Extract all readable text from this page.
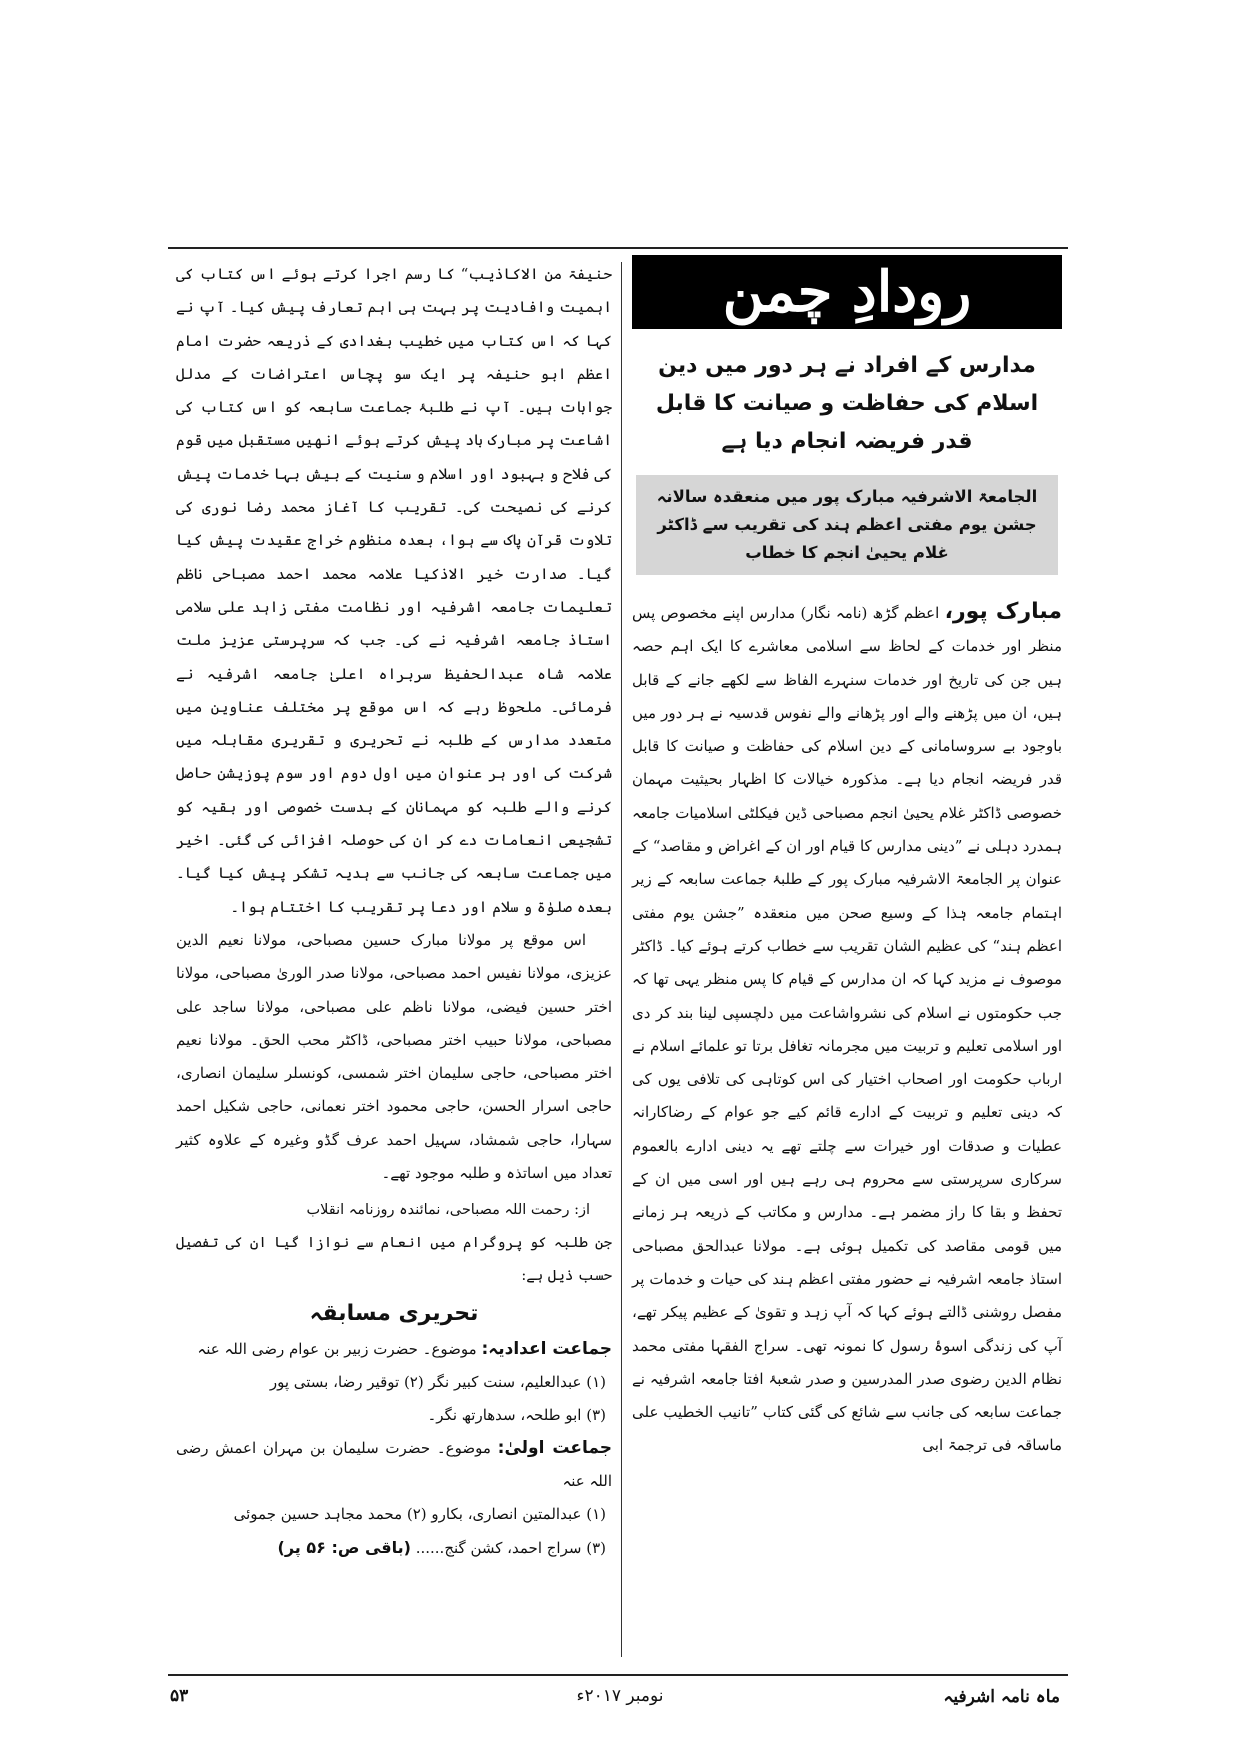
رودادِ چمن
مدارس کے افراد نے ہر دور میں دین اسلام کی حفاظت و صیانت کا قابل قدر فریضہ انجام دیا ہے
الجامعۃ الاشرفیہ مبارک پور میں منعقدہ سالانہ جشن یوم مفتی اعظم ہند کی تقریب سے ڈاکٹر غلام یحییٰ انجم کا خطاب

مبارک پور، اعظم گڑھ (نامہ نگار) مدارس اپنے مخصوص پس منظر اور خدمات کے لحاظ سے اسلامی معاشرے کا ایک اہم حصہ ہیں جن کی تاریخ اور خدمات سنہرے الفاظ سے لکھے جانے کے قابل ہیں، ان میں پڑھنے والے اور پڑھانے والے نفوس قدسیہ نے ہر دور میں باوجود بے سروسامانی کے دین اسلام کی حفاظت و صیانت کا قابل قدر فریضہ انجام دیا ہے۔ مذکورہ خیالات کا اظہار بحیثیت مہمان خصوصی ڈاکٹر غلام یحییٰ انجم مصباحی ڈین فیکلٹی اسلامیات جامعہ ہمدرد دہلی نے ”دینی مدارس کا قیام اور ان کے اغراض و مقاصد“ کے عنوان پر الجامعۃ الاشرفیہ مبارک پور کے طلبۂ جماعت سابعہ کے زیر اہتمام جامعہ ہٰذا کے وسیع صحن میں منعقدہ ”جشن یوم مفتی اعظم ہند“ کی عظیم الشان تقریب سے خطاب کرتے ہوئے کیا۔ ڈاکٹر موصوف نے مزید کہا کہ ان مدارس کے قیام کا پس منظر یہی تھا کہ جب حکومتوں نے اسلام کی نشرواشاعت میں دلچسپی لینا بند کر دی اور اسلامی تعلیم و تربیت میں مجرمانہ تغافل برتا تو علمائے اسلام نے ارباب حکومت اور اصحاب اختیار کی اس کوتاہی کی تلافی یوں کی کہ دینی تعلیم و تربیت کے ادارے قائم کیے جو عوام کے رضاکارانہ عطیات و صدقات اور خیرات سے چلتے تھے یہ دینی ادارے بالعموم سرکاری سرپرستی سے محروم ہی رہے ہیں اور اسی میں ان کے تحفظ و بقا کا راز مضمر ہے۔ مدارس و مکاتب کے ذریعہ ہر زمانے میں قومی مقاصد کی تکمیل ہوئی ہے۔ مولانا عبدالحق مصباحی استاذ جامعہ اشرفیہ نے حضور مفتی اعظم ہند کی حیات و خدمات پر مفصل روشنی ڈالتے ہوئے کہا کہ آپ زہد و تقویٰ کے عظیم پیکر تھے، آپ کی زندگی اسوۂ رسول کا نمونہ تھی۔ سراج الفقہا مفتی محمد نظام الدین رضوی صدر المدرسین و صدر شعبۂ افتا جامعہ اشرفیہ نے جماعت سابعہ کی جانب سے شائع کی گئی کتاب ”تانیب الخطیب علی ماساقہ فی ترجمۃ ابی

حنیفۃ من الاکاذیب“ کا رسم اجرا کرتے ہوئے اس کتاب کی اہمیت وافادیت پر بہت ہی اہم تعارف پیش کیا۔ آپ نے کہا کہ اس کتاب میں خطیب بغدادی کے ذریعہ حضرت امام اعظم ابو حنیفہ پر ایک سو پچاس اعتراضات کے مدلل جوابات ہیں۔ آپ نے طلبۂ جماعت سابعہ کو اس کتاب کی اشاعت پر مبارک باد پیش کرتے ہوئے انھیں مستقبل میں قوم کی فلاح و بہبود اور اسلام و سنیت کے بیش بہا خدمات پیش کرنے کی نصیحت کی۔ تقریب کا آغاز محمد رضا نوری کی تلاوت قرآن پاک سے ہوا، بعدہ منظوم خراج عقیدت پیش کیا گیا۔ صدارت خیر الاذکیا علامہ محمد احمد مصباحی ناظم تعلیمات جامعہ اشرفیہ اور نظامت مفتی زاہد علی سلامی استاذ جامعہ اشرفیہ نے کی۔ جب کہ سرپرستی عزیز ملت علامہ شاہ عبدالحفیظ سربراہ اعلیٰ جامعہ اشرفیہ نے فرمائی۔ ملحوظ رہے کہ اس موقع پر مختلف عناوین میں متعدد مدارس کے طلبہ نے تحریری و تقریری مقابلہ میں شرکت کی اور ہر عنوان میں اول دوم اور سوم پوزیشن حاصل کرنے والے طلبہ کو مہمانان کے بدست خصوصی اور بقیہ کو تشجیعی انعامات دے کر ان کی حوصلہ افزائی کی گئی۔ اخیر میں جماعت سابعہ کی جانب سے ہدیہ تشکر پیش کیا گیا۔ بعدہ صلوٰۃ و سلام اور دعا پر تقریب کا اختتام ہوا۔

اس موقع پر مولانا مبارک حسین مصباحی، مولانا نعیم الدین عزیزی، مولانا نفیس احمد مصباحی، مولانا صدر الوریٰ مصباحی، مولانا اختر حسین فیضی، مولانا ناظم علی مصباحی، مولانا ساجد علی مصباحی، مولانا حبیب اختر مصباحی، ڈاکٹر محب الحق۔ مولانا نعیم اختر مصباحی، حاجی سلیمان اختر شمسی، کونسلر سلیمان انصاری، حاجی اسرار الحسن، حاجی محمود اختر نعمانی، حاجی شکیل احمد سہارا، حاجی شمشاد، سہیل احمد عرف گڈو وغیرہ کے علاوہ کثیر تعداد میں اساتذہ و طلبہ موجود تھے۔

از: رحمت اللہ مصباحی، نمائندہ روزنامہ انقلاب

جن طلبہ کو پروگرام میں انعام سے نوازا گیا ان کی تفصیل حسب ذیل ہے:

تحریری مسابقہ

جماعت اعدادیہ: موضوع۔ حضرت زبیر بن عوام رضی اللہ عنہ

(۱) عبدالعلیم، سنت کبیر نگر (۲) توقیر رضا، بستی پور

(۳) ابو طلحہ، سدھارتھ نگر۔

جماعت اولیٰ: موضوع۔ حضرت سلیمان بن مہران اعمش رضی اللہ عنہ

(۱) عبدالمتین انصاری، بکارو (۲) محمد مجاہد حسین جموئی

(۳) سراج احمد، کشن گنج...... (باقی ص: ۵۶ پر)

ماہ نامہ اشرفیہ
نومبر ۲۰۱۷ء
۵۳
